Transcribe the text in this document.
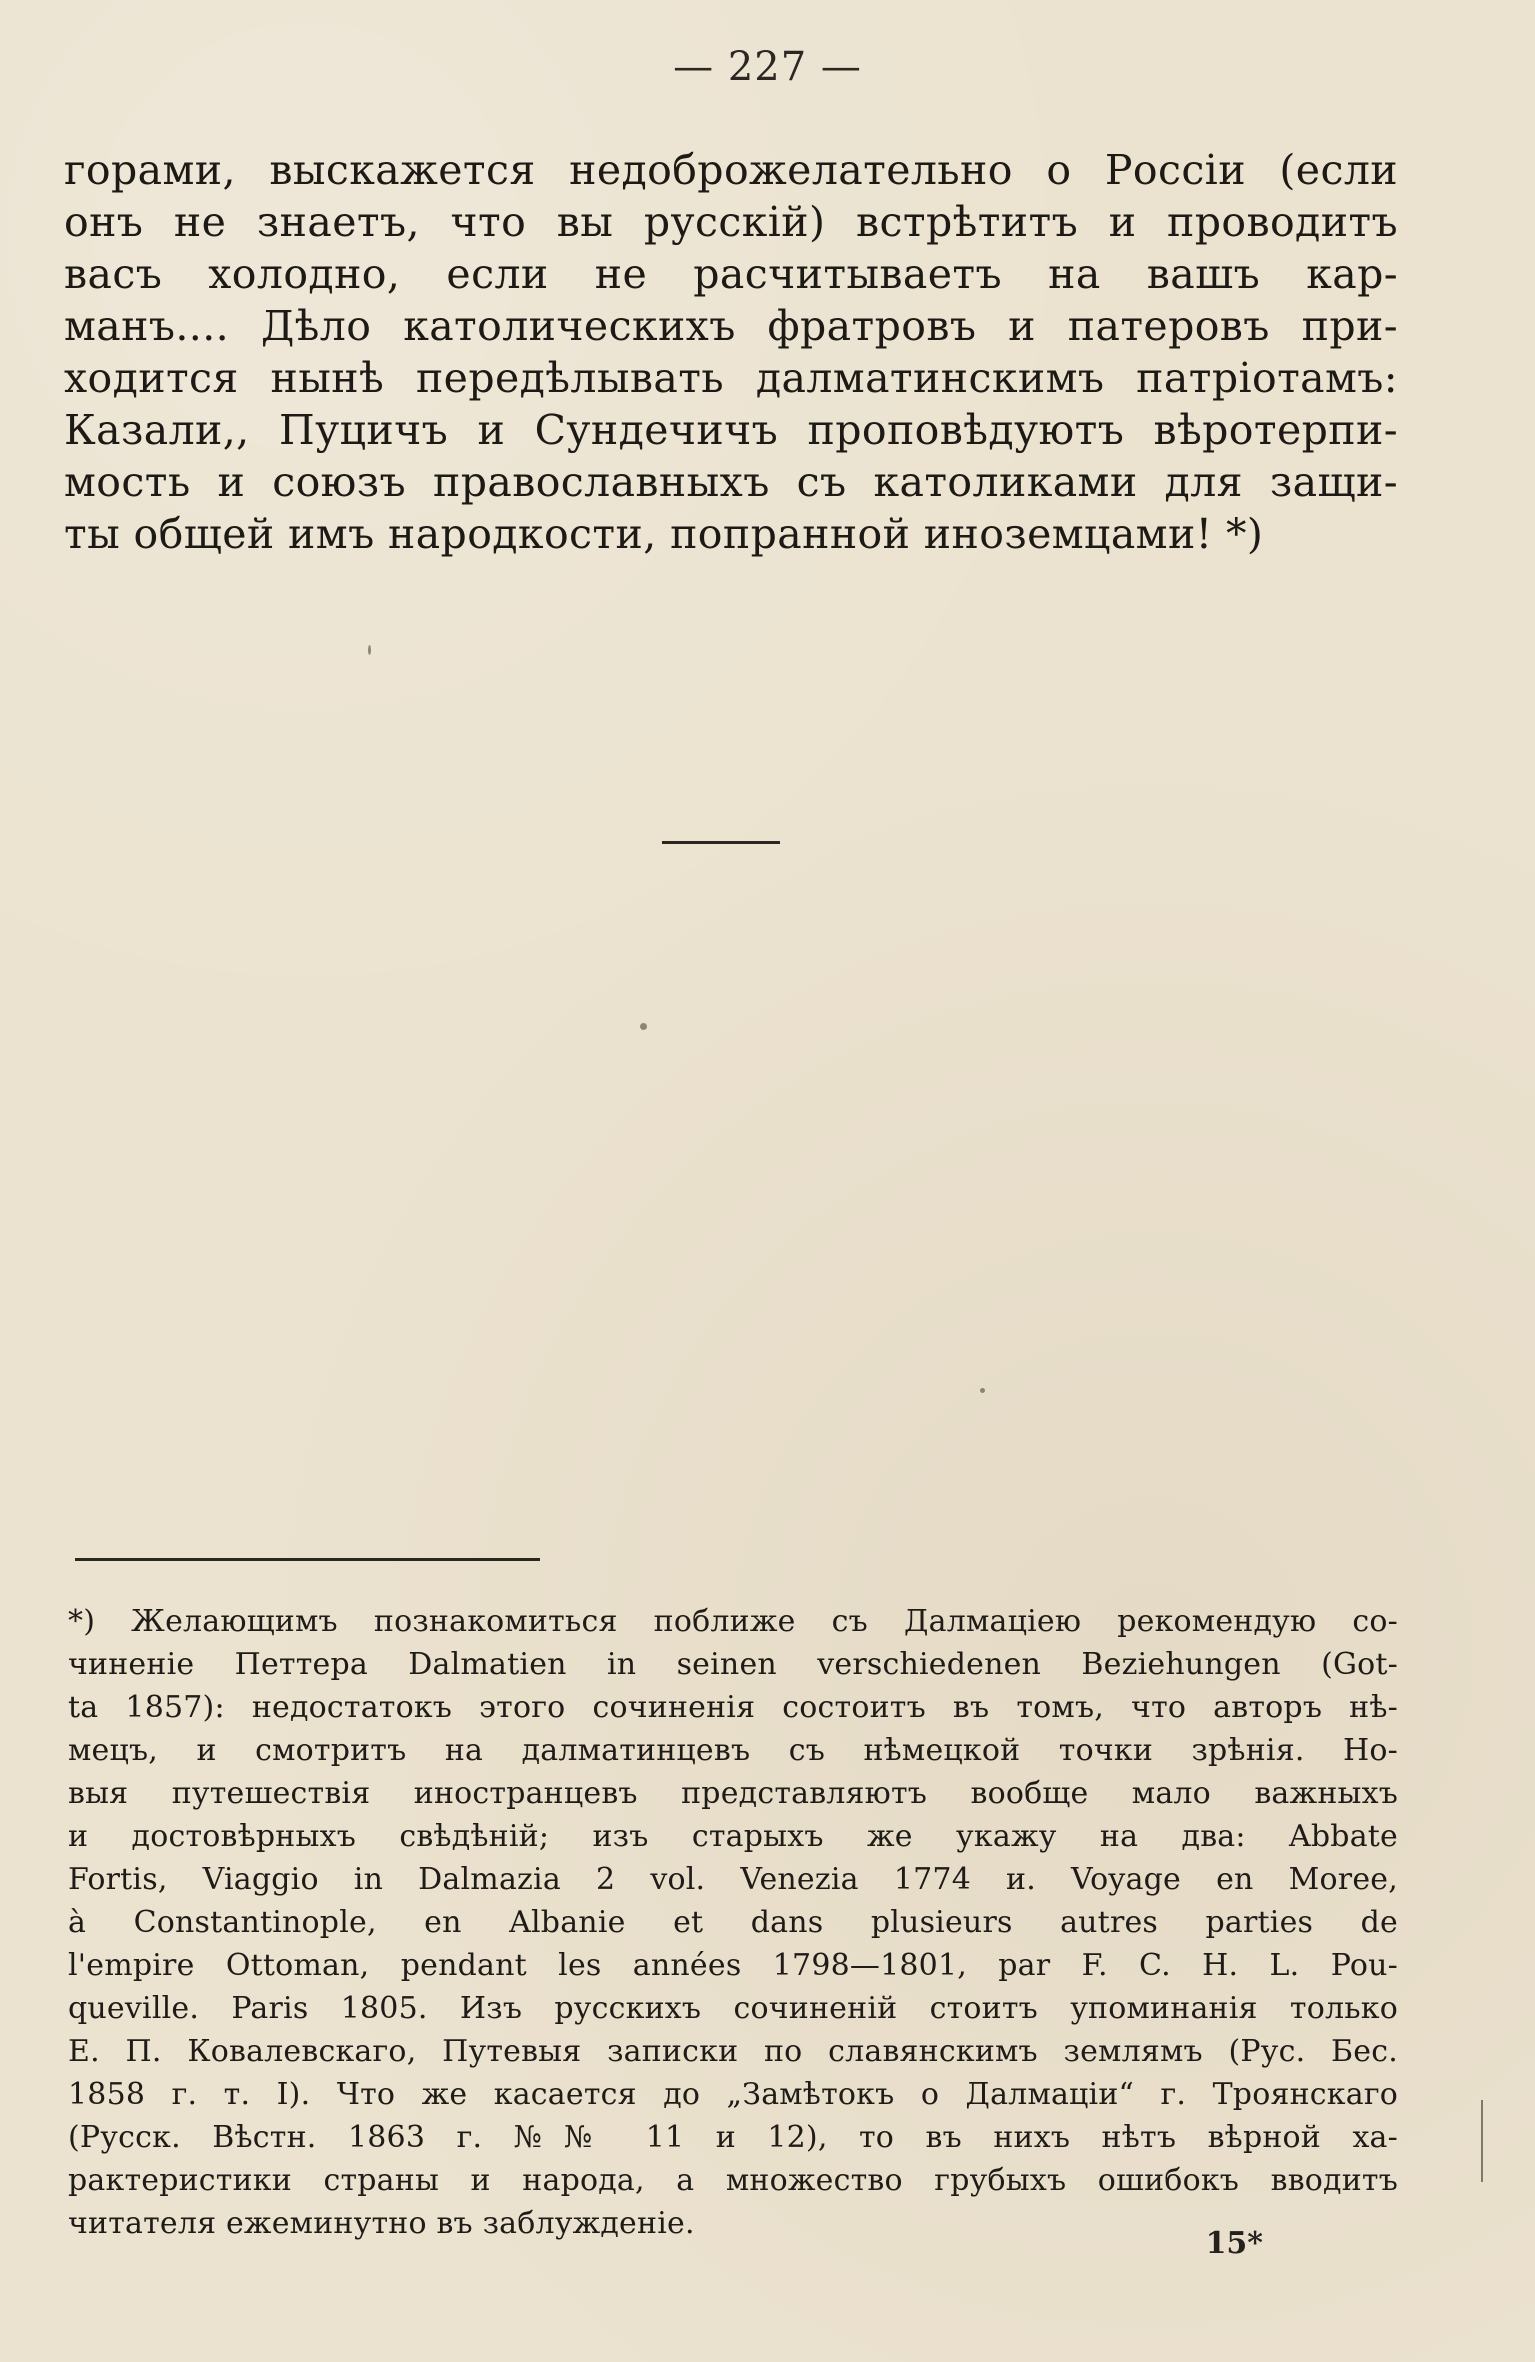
— 227 —
горами, выскажется недоброжелательно о Россіи (если
онъ не знаетъ, что вы русскій) встрѣтитъ и проводитъ
васъ холодно, если не расчитываетъ на вашъ кар-
манъ.... Дѣло католическихъ фратровъ и патеровъ при-
ходится нынѣ передѣлывать далматинскимъ патріотамъ:
Казали,, Пуцичъ и Сундечичъ проповѣдуютъ вѣротерпи-
мость и союзъ православныхъ съ католиками для защи-
ты общей имъ народкости, попранной иноземцами! *)
*) Желающимъ познакомиться поближе съ Далмаціею рекомендую со-
чиненіе Петтера Dalmatien in seinen verschiedenen Beziehungen (Got-
ta 1857): недостатокъ этого сочиненія состоитъ въ томъ, что авторъ нѣ-
мецъ, и смотритъ на далматинцевъ съ нѣмецкой точки зрѣнія. Но-
выя путешествія иностранцевъ представляютъ вообще мало важныхъ
и достовѣрныхъ свѣдѣній; изъ старыхъ же укажу на два: Abbate
Fortis, Viaggio in Dalmazia 2 vol. Venezia 1774 и. Voyage en Moree,
à Constantinople, en Albanie et dans plusieurs autres parties de
l'empire Ottoman, pendant les années 1798—1801, par F. C. H. L. Pou-
queville. Paris 1805. Изъ русскихъ сочиненій стоитъ упоминанія только
Е. П. Ковалевскаго, Путевыя записки по славянскимъ землямъ (Рус. Бес.
1858 г. т. I). Что же касается до „Замѣтокъ о Далмаціи“ г. Троянскаго
(Русск. Вѣстн. 1863 г. №№ 11 и 12), то въ нихъ нѣтъ вѣрной ха-
рактеристики страны и народа, а множество грубыхъ ошибокъ вводитъ
читателя ежеминутно въ заблужденіе.
15*
